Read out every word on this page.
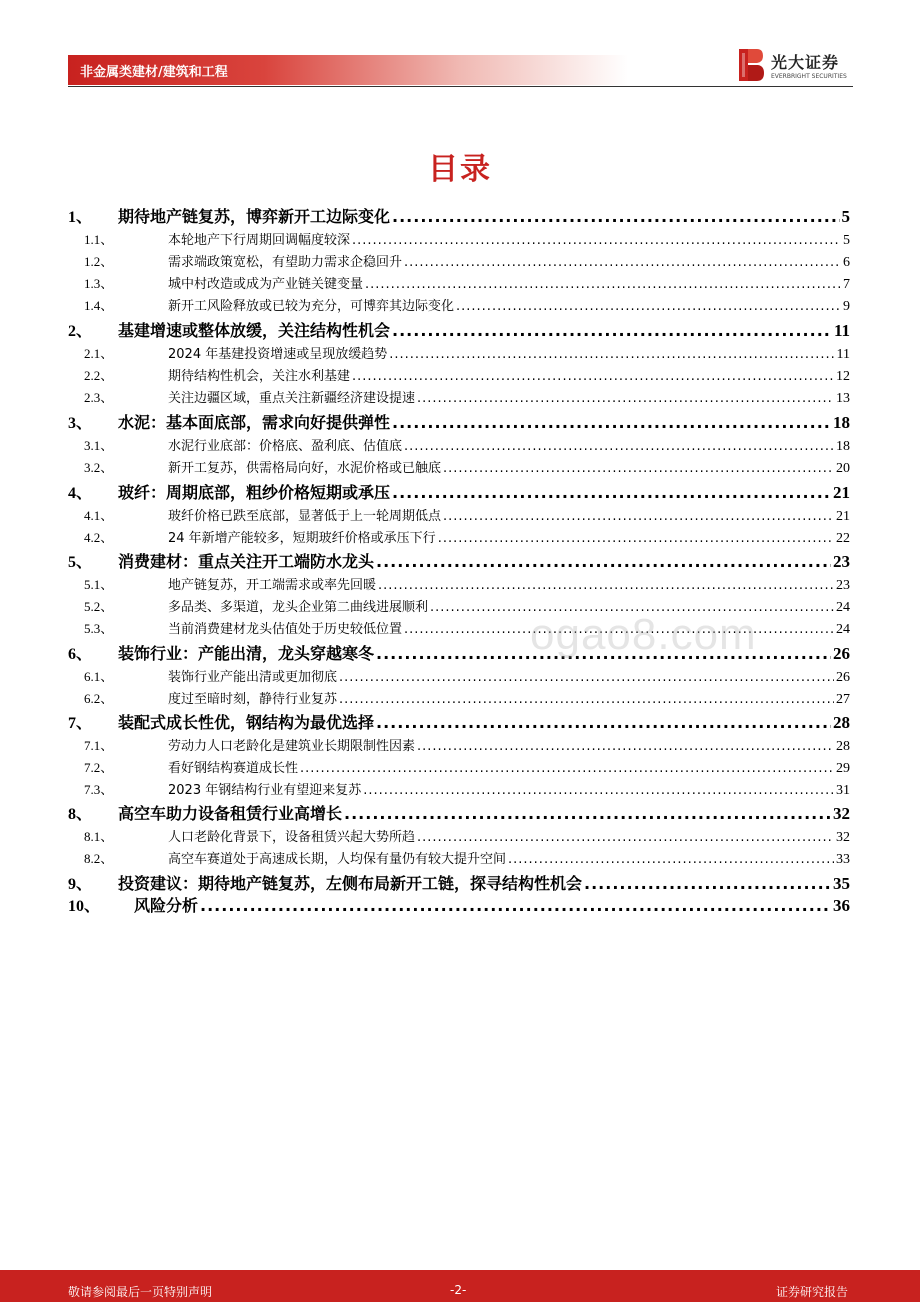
非金属类建材/建筑和工程
光大证券
EVERBRIGHT SECURITIES
目录
1、	期待地产链复苏，博弈新开工边际变化 .....	5
1.1、	本轮地产下行周期回调幅度较深 .....	5
1.2、	需求端政策宽松，有望助力需求企稳回升 .....	6
1.3、	城中村改造或成为产业链关键变量 .....	7
1.4、	新开工风险释放或已较为充分，可博弈其边际变化 .....	9
2、	基建增速或整体放缓，关注结构性机会 .....	11
2.1、	2024 年基建投资增速或呈现放缓趋势 .....	11
2.2、	期待结构性机会，关注水利基建 .....	12
2.3、	关注边疆区域，重点关注新疆经济建设提速 .....	13
3、	水泥：基本面底部，需求向好提供弹性 .....	18
3.1、	水泥行业底部：价格底、盈利底、估值底 .....	18
3.2、	新开工复苏，供需格局向好，水泥价格或已触底 .....	20
4、	玻纤：周期底部，粗纱价格短期或承压 .....	21
4.1、	玻纤价格已跌至底部，显著低于上一轮周期低点 .....	21
4.2、	24 年新增产能较多，短期玻纤价格或承压下行 .....	22
5、	消费建材：重点关注开工端防水龙头 .....	23
5.1、	地产链复苏，开工端需求或率先回暖 .....	23
5.2、	多品类、多渠道，龙头企业第二曲线进展顺利 .....	24
5.3、	当前消费建材龙头估值处于历史较低位置 .....	24
6、	装饰行业：产能出清，龙头穿越寒冬 .....	26
6.1、	装饰行业产能出清或更加彻底 .....	26
6.2、	度过至暗时刻，静待行业复苏 .....	27
7、	装配式成长性优，钢结构为最优选择 .....	28
7.1、	劳动力人口老龄化是建筑业长期限制性因素 .....	28
7.2、	看好钢结构赛道成长性 .....	29
7.3、	2023 年钢结构行业有望迎来复苏 .....	31
8、	高空车助力设备租赁行业高增长 .....	32
8.1、	人口老龄化背景下，设备租赁兴起大势所趋 .....	32
8.2、	高空车赛道处于高速成长期，人均保有量仍有较大提升空间 .....	33
9、	投资建议：期待地产链复苏，左侧布局新开工链，探寻结构性机会 .....	35
10、	风险分析 .....	36
ogao8.com
敬请参阅最后一页特别声明	-2-	证券研究报告
